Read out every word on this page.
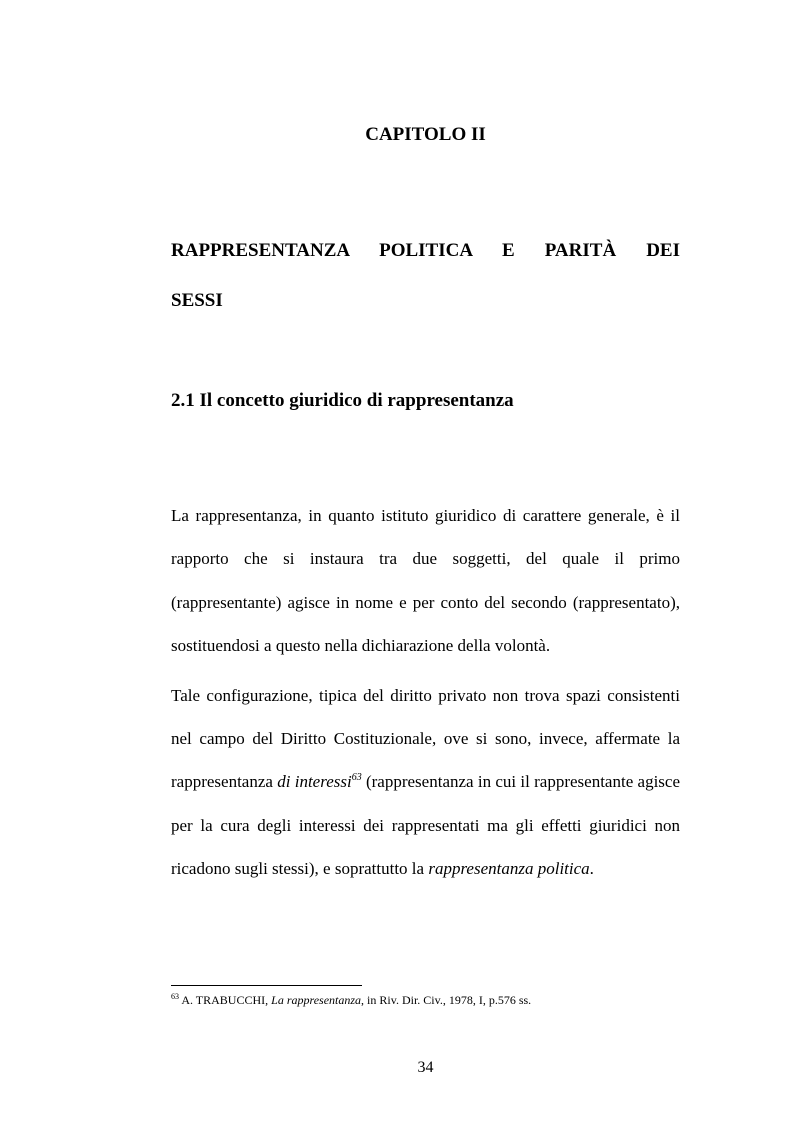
CAPITOLO II
RAPPRESENTANZA POLITICA E PARITÀ DEI
SESSI
2.1 Il concetto giuridico di rappresentanza

La rappresentanza, in quanto istituto giuridico di carattere generale, è il rapporto che si instaura tra due soggetti, del quale il primo (rappresentante) agisce in nome e per conto del secondo (rappresentato), sostituendosi a questo nella dichiarazione della volontà.

Tale configurazione, tipica del diritto privato non trova spazi consistenti nel campo del Diritto Costituzionale, ove si sono, invece, affermate la rappresentanza di interessi$^{63}$ (rappresentanza in cui il rappresentante agisce per la cura degli interessi dei rappresentati ma gli effetti giuridici non ricadono sugli stessi), e soprattutto la rappresentanza politica.

$^{63}$ A. TRABUCCHI, La rappresentanza, in Riv. Dir. Civ., 1978, I, p.576 ss.
34
